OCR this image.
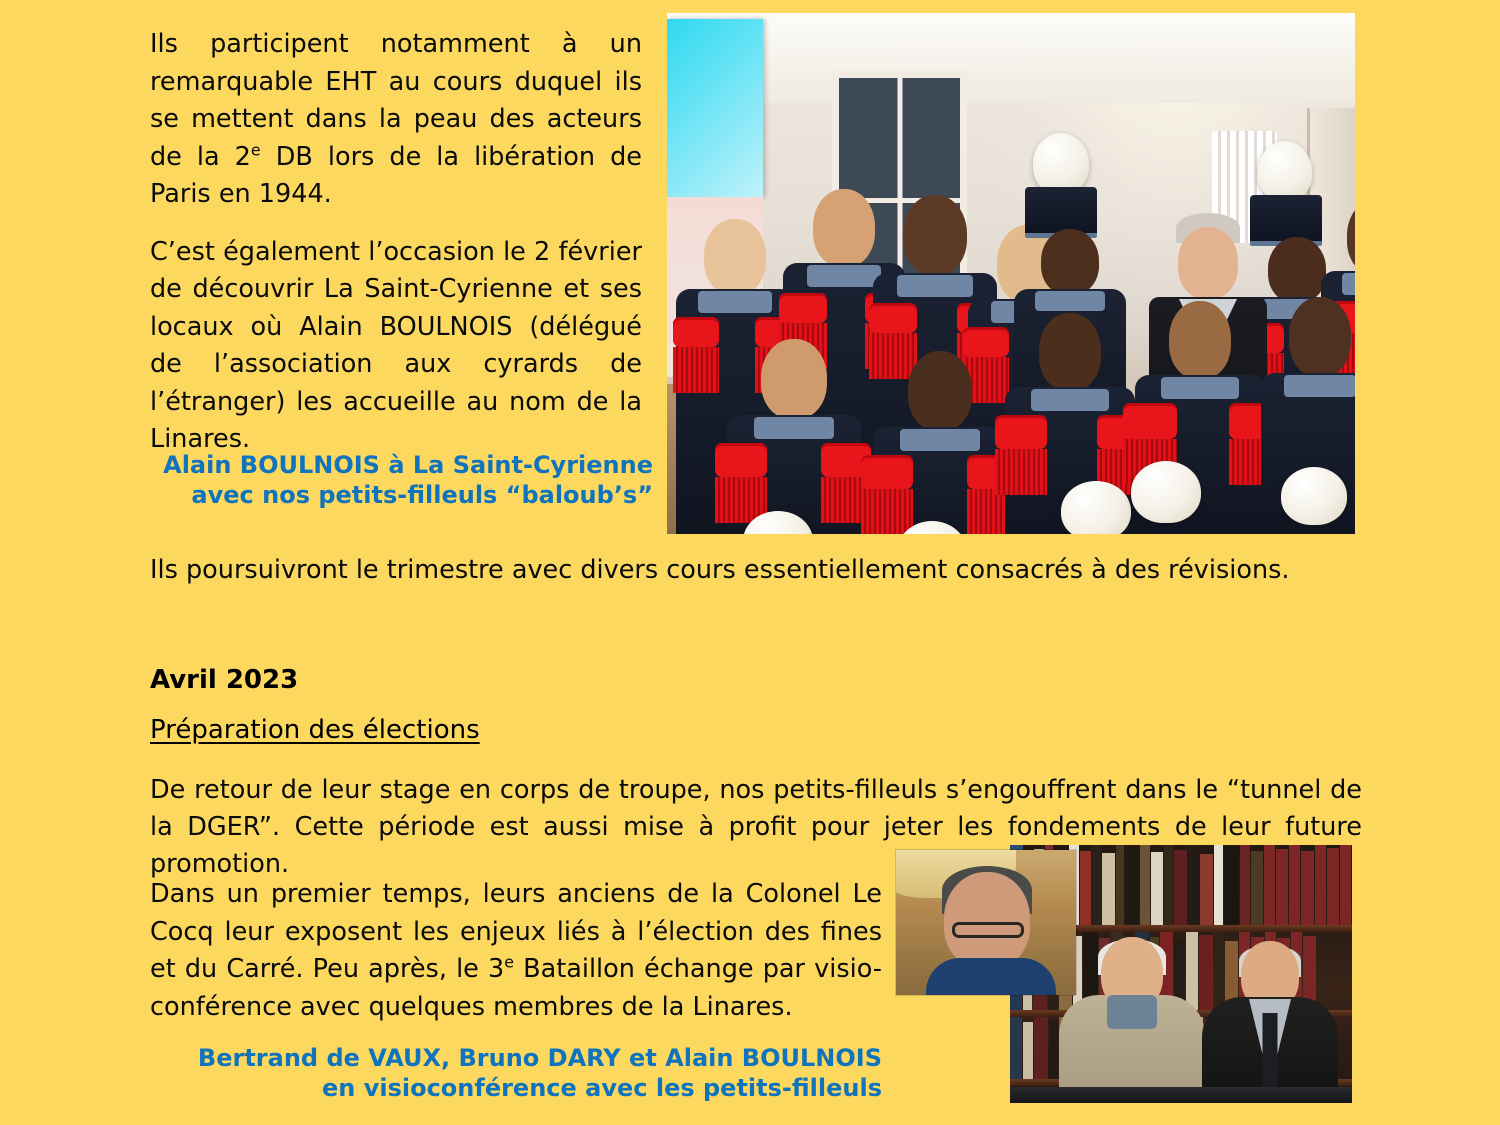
Ils participent notamment à un remarquable EHT au cours duquel ils se mettent dans la peau des acteurs de la 2e DB lors de la libération de Paris en 1944.

C’est également l’occasion le 2 février de découvrir La Saint-Cyrienne et ses locaux où Alain BOULNOIS (délégué de l’association aux cyrards de l’étranger) les accueille au nom de la Linares.

Alain BOULNOIS à La Saint-Cyrienne
avec nos petits-filleuls “baloub’s”
Ils poursuivront le trimestre avec divers cours essentiellement consacrés à des révisions.
Avril 2023
Préparation des élections
De retour de leur stage en corps de troupe, nos petits-filleuls s’engouffrent dans le “tunnel de la DGER”. Cette période est aussi mise à profit pour jeter les fondements de leur future promotion.
Dans un premier temps, leurs anciens de la Colonel Le Cocq leur exposent les enjeux liés à l’élection des fines et du Carré. Peu après, le 3e Bataillon échange par visio-conférence avec quelques membres de la Linares.
Bertrand de VAUX, Bruno DARY et Alain BOULNOIS
en visioconférence avec les petits-filleuls
